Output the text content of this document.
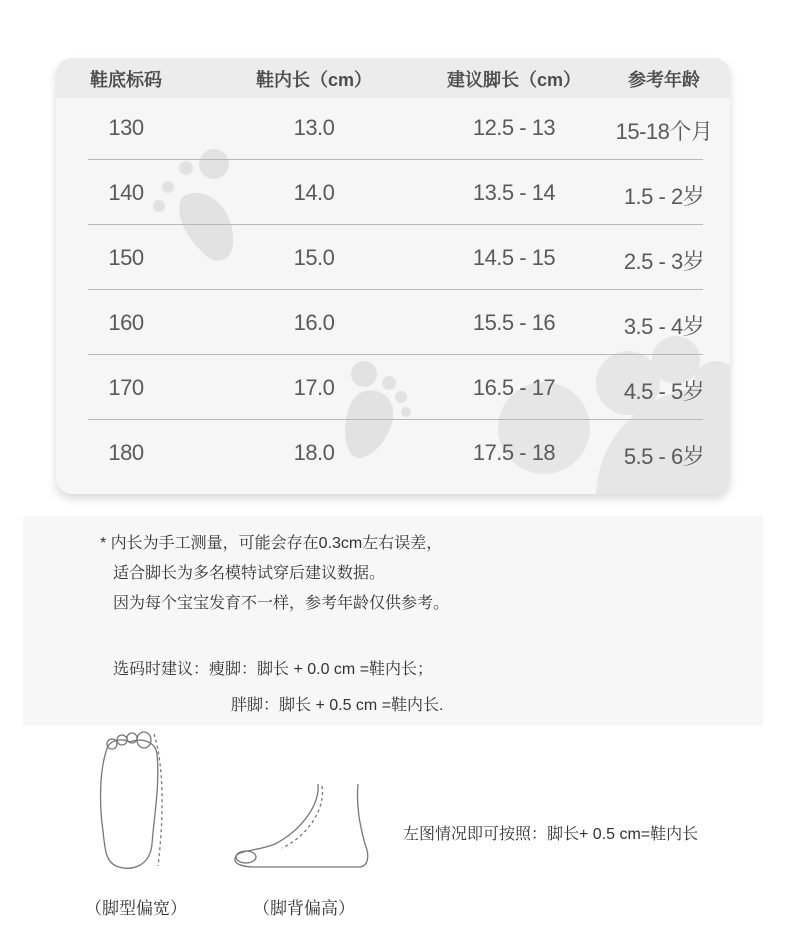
鞋底标码	鞋内长（cm）	建议脚长（cm）	参考年龄
130	13.0	12.5 - 13	15-18个月
140	14.0	13.5 - 14	1.5 - 2岁
150	15.0	14.5 - 15	2.5 - 3岁
160	16.0	15.5 - 16	3.5 - 4岁
170	17.0	16.5 - 17	4.5 - 5岁
180	18.0	17.5 - 18	5.5 - 6岁
* 内长为手工测量，可能会存在0.3cm左右误差，
适合脚长为多名模特试穿后建议数据。
因为每个宝宝发育不一样，参考年龄仅供参考。
选码时建议：瘦脚：脚长 + 0.0 cm =鞋内长；
胖脚：脚长 + 0.5 cm =鞋内长.
（脚型偏宽）	（脚背偏高）
左图情况即可按照：脚长+ 0.5 cm=鞋内长
